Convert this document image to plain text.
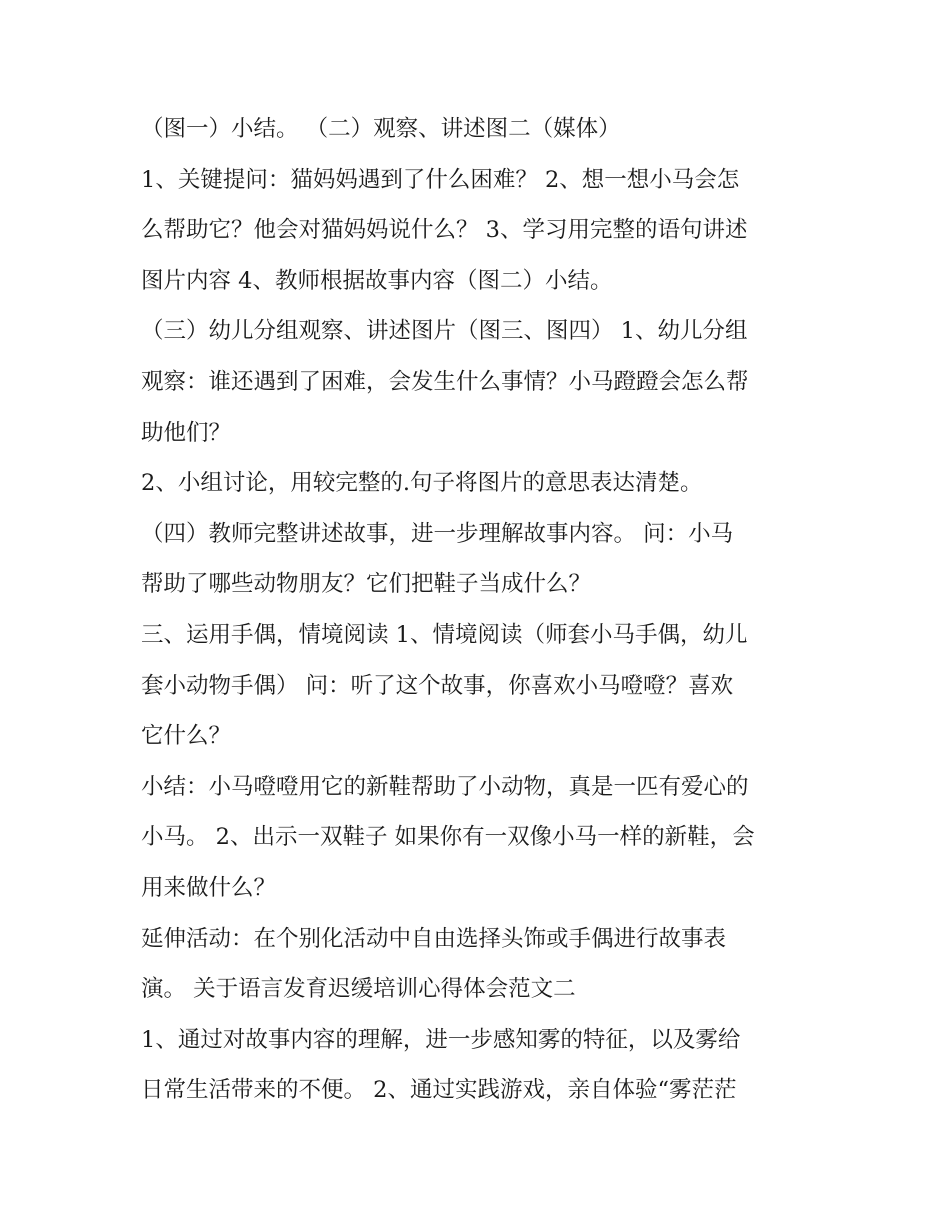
（图一）小结。 （二）观察、讲述图二（媒体）
1、关键提问：猫妈妈遇到了什么困难？ 2、想一想小马会怎
么帮助它？他会对猫妈妈说什么？ 3、学习用完整的语句讲述
图片内容 4、教师根据故事内容（图二）小结。
（三）幼儿分组观察、讲述图片（图三、图四） 1、幼儿分组
观察：谁还遇到了困难，会发生什么事情？小马蹬蹬会怎么帮
助他们？
2、小组讨论，用较完整的.句子将图片的意思表达清楚。
（四）教师完整讲述故事，进一步理解故事内容。 问：小马
帮助了哪些动物朋友？它们把鞋子当成什么？
三、运用手偶，情境阅读 1、情境阅读（师套小马手偶，幼儿
套小动物手偶） 问：听了这个故事，你喜欢小马噔噔？喜欢
它什么？
小结：小马噔噔用它的新鞋帮助了小动物，真是一匹有爱心的
小马。 2、出示一双鞋子 如果你有一双像小马一样的新鞋，会
用来做什么？
延伸活动：在个别化活动中自由选择头饰或手偶进行故事表
演。 关于语言发育迟缓培训心得体会范文二
1、通过对故事内容的理解，进一步感知雾的特征，以及雾给
日常生活带来的不便。 2、通过实践游戏，亲自体验“雾茫茫
